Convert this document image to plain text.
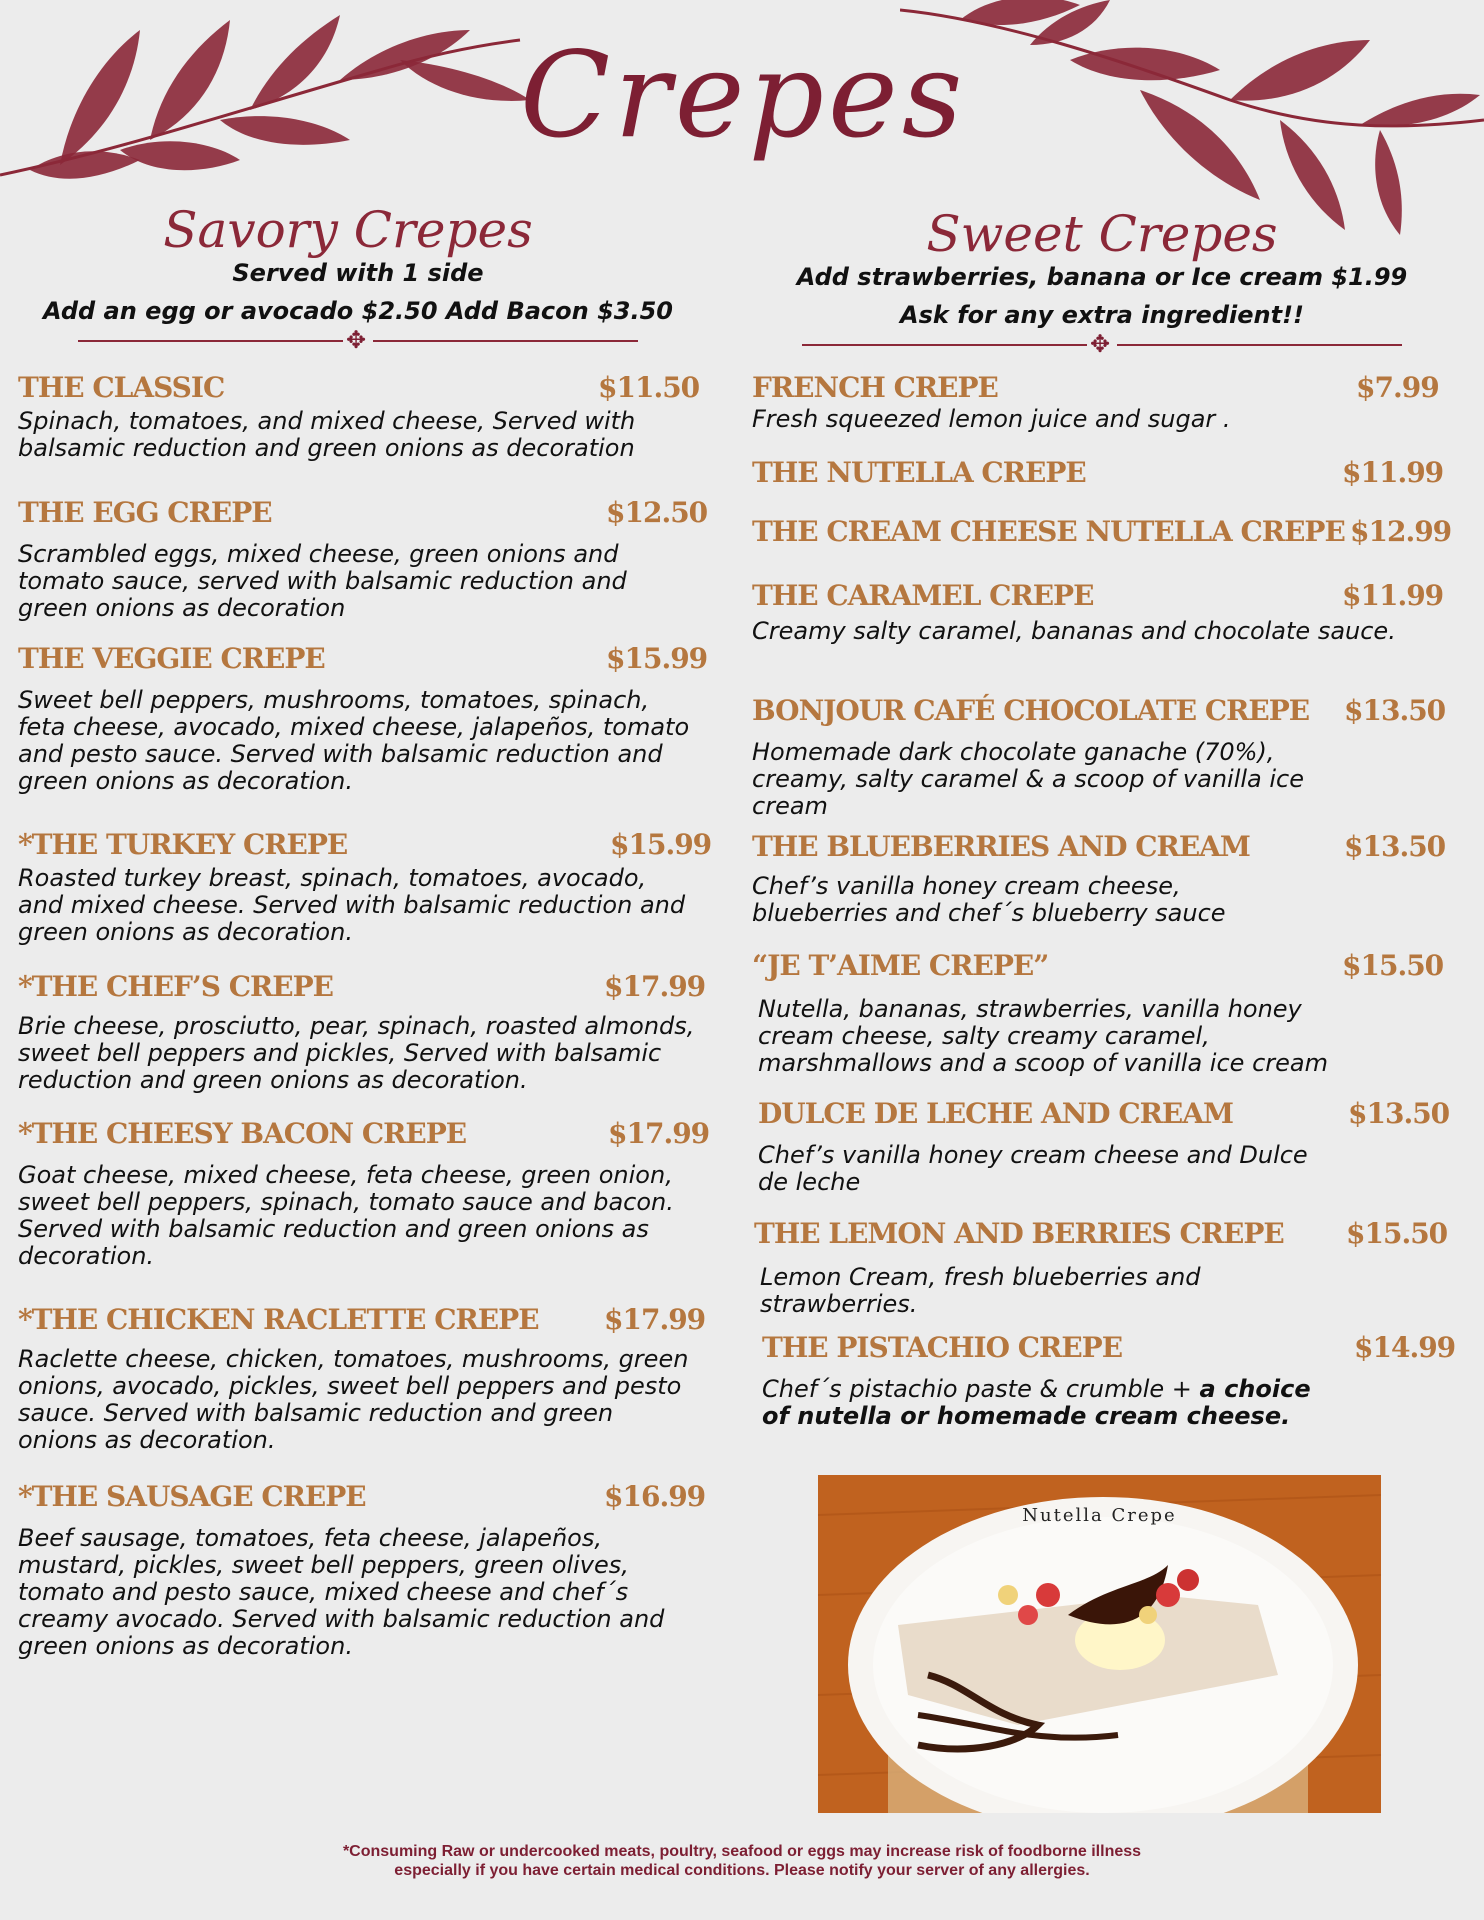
Crepes
Savory Crepes
Served with 1 side
Add an egg or avocado $2.50 Add Bacon $3.50
✥
THE CLASSIC	$11.50
Spinach, tomatoes, and mixed cheese, Served with balsamic reduction and green onions as decoration
THE EGG CREPE	$12.50
Scrambled eggs, mixed cheese, green onions and tomato sauce, served with balsamic reduction and green onions as decoration
THE VEGGIE CREPE	$15.99
Sweet bell peppers, mushrooms, tomatoes, spinach, feta cheese, avocado, mixed cheese, jalapeños, tomato and pesto sauce. Served with balsamic reduction and green onions as decoration.
*THE TURKEY CREPE	$15.99
Roasted turkey breast, spinach, tomatoes, avocado, and mixed cheese. Served with balsamic reduction and green onions as decoration.
*THE CHEF’S CREPE	$17.99
Brie cheese, prosciutto, pear, spinach, roasted almonds, sweet bell peppers and pickles, Served with balsamic reduction and green onions as decoration.
*THE CHEESY BACON CREPE	$17.99
Goat cheese, mixed cheese, feta cheese, green onion, sweet bell peppers, spinach, tomato sauce and bacon. Served with balsamic reduction and green onions as decoration.
*THE CHICKEN RACLETTE CREPE $17.99
Raclette cheese, chicken, tomatoes, mushrooms, green onions, avocado, pickles, sweet bell peppers and pesto sauce. Served with balsamic reduction and green onions as decoration.
*THE SAUSAGE CREPE	$16.99
Beef sausage, tomatoes, feta cheese, jalapeños, mustard, pickles, sweet bell peppers, green olives, tomato and pesto sauce, mixed cheese and chef´s creamy avocado. Served with balsamic reduction and green onions as decoration.
Sweet Crepes
Add strawberries, banana or Ice cream $1.99
Ask for any extra ingredient!!
✥
FRENCH CREPE	$7.99
Fresh squeezed lemon juice and sugar .
THE NUTELLA CREPE	$11.99
THE CREAM CHEESE NUTELLA CREPE $12.99
THE CARAMEL CREPE	$11.99
Creamy salty caramel, bananas and chocolate sauce.
BONJOUR CAFÉ CHOCOLATE CREPE $13.50
Homemade dark chocolate ganache (70%), creamy, salty caramel & a scoop of vanilla ice cream
THE BLUEBERRIES AND CREAM	$13.50
Chef’s vanilla honey cream cheese, blueberries and chef´s blueberry sauce
“JE T’AIME CREPE”	$15.50
Nutella, bananas, strawberries, vanilla honey cream cheese, salty creamy caramel, marshmallows and a scoop of vanilla ice cream
DULCE DE LECHE AND CREAM	$13.50
Chef’s vanilla honey cream cheese and Dulce de leche
THE LEMON AND BERRIES CREPE $15.50
Lemon Cream, fresh blueberries and strawberries.
THE PISTACHIO CREPE	$14.99
Chef´s pistachio paste & crumble + a choice of nutella or homemade cream cheese.
Nutella Crepe
*Consuming Raw or undercooked meats, poultry, seafood or eggs may increase risk of foodborne illness
especially if you have certain medical conditions. Please notify your server of any allergies.
